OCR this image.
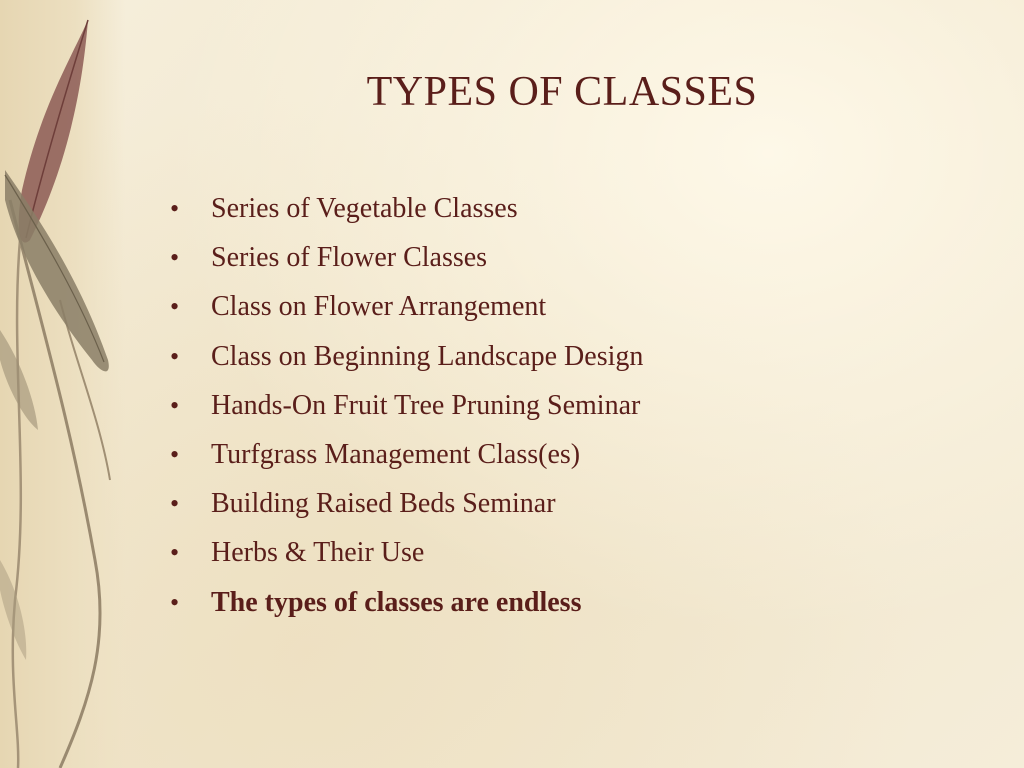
TYPES OF CLASSES
• Series of Vegetable Classes
• Series of Flower Classes
• Class on Flower Arrangement
• Class on Beginning Landscape Design
• Hands-On Fruit Tree Pruning Seminar
• Turfgrass Management Class(es)
• Building Raised Beds Seminar
• Herbs & Their Use
• The types of classes are endless
